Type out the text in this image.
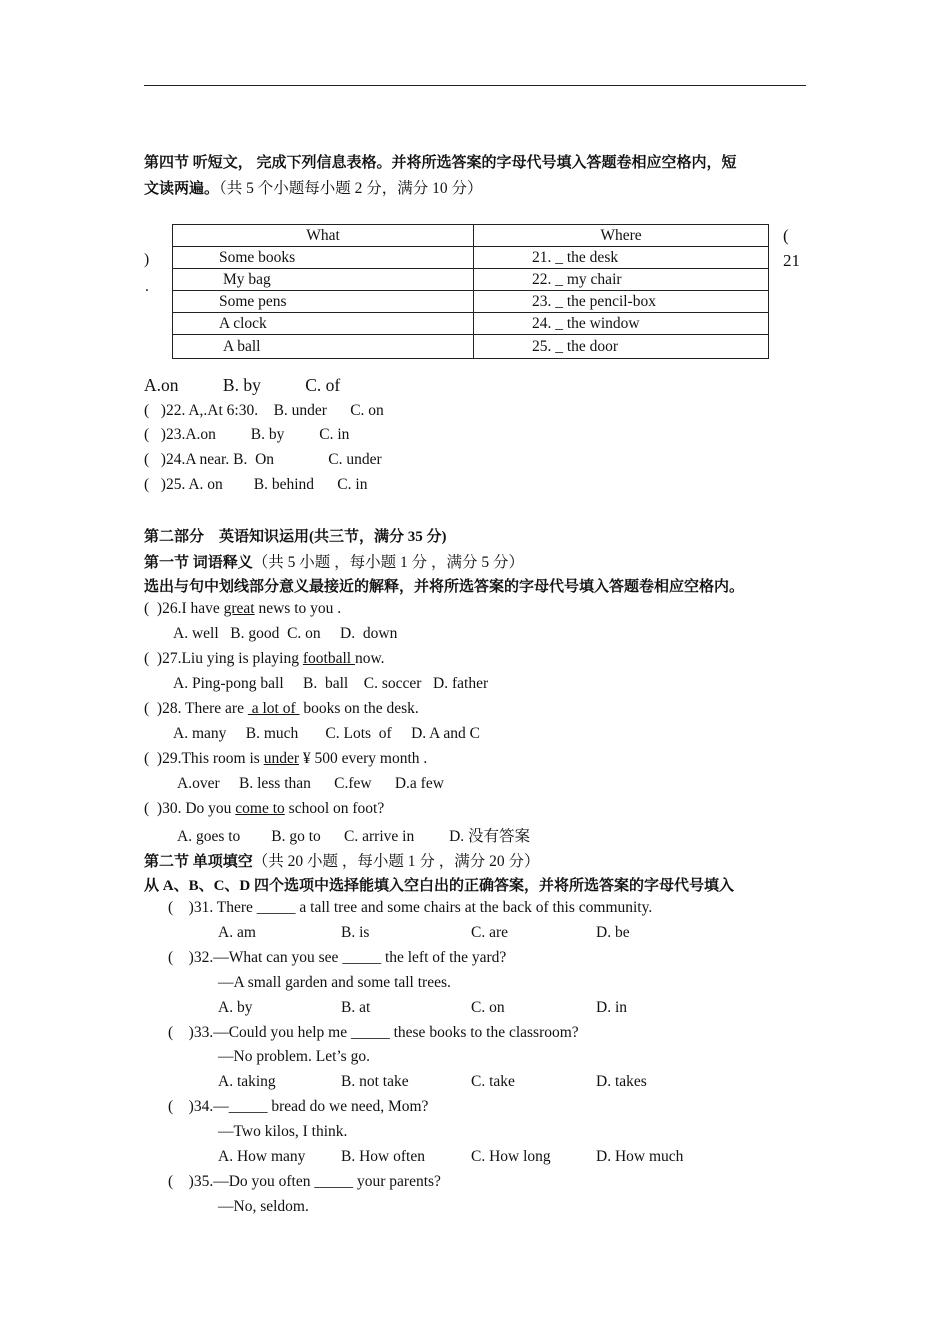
第四节 听短文， 完成下列信息表格。并将所选答案的字母代号填入答题卷相应空格内，短
文读两遍。（共 5 个小题每小题 2 分，满分 10 分）
)
.
(
21
What	Where
Some books	21. _ the desk
My bag	22. _ my chair
Some pens	23. _ the pencil-box
A clock	24. _ the window
A ball	25. _ the door
A.on	B. by	C. of
(   )22. A,.At 6:30.    B. under      C. on
(   )23.A.on         B. by         C. in
(   )24.A near. B.  On              C. under
(   )25. A. on        B. behind      C. in
第二部分    英语知识运用(共三节，满分 35 分)
第一节 词语释义（共 5 小题 ，每小题 1 分 ，满分 5 分）
选出与句中划线部分意义最接近的解释，并将所选答案的字母代号填入答题卷相应空格内。
(  )26.I have great news to you .
A. well   B. good  C. on     D.  down
(  )27.Liu ying is playing football now.
A. Ping-pong ball     B.  ball    C. soccer   D. father
(  )28. There are  a lot of  books on the desk.
A. many     B. much       C. Lots  of     D. A and C
(  )29.This room is under ¥ 500 every month .
A.over     B. less than      C.few      D.a few
(  )30. Do you come to school on foot?
A. goes to        B. go to      C. arrive in         D. 没有答案
第二节 单项填空（共 20 小题 ，每小题 1 分 ，满分 20 分）
从 A、B、C、D 四个选项中选择能填入空白出的正确答案，并将所选答案的字母代号填入
(    )31. There _____ a tall tree and some chairs at the back of this community.
A. am	B. is	C. are	D. be
(    )32.—What can you see _____ the left of the yard?
—A small garden and some tall trees.
A. by	B. at	C. on	D. in
(    )33.—Could you help me _____ these books to the classroom?
—No problem. Let’s go.
A. taking	B. not take	C. take	D. takes
(    )34.—_____ bread do we need, Mom?
—Two kilos, I think.
A. How many B. How often	C. How long	D. How much
(    )35.—Do you often _____ your parents?
—No, seldom.
